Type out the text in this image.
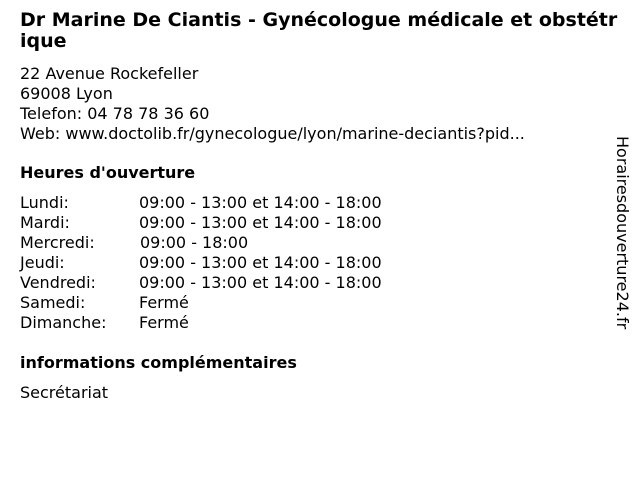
Dr Marine De Ciantis - Gynécologue médicale et obstétrique
22 Avenue Rockefeller
69008 Lyon
Telefon: 04 78 78 36 60
Web: www.doctolib.fr/gynecologue/lyon/marine-deciantis?pid...
Heures d'ouverture
Lundi:	09:00 - 13:00 et 14:00 - 18:00
Mardi:	09:00 - 13:00 et 14:00 - 18:00
Mercredi:	09:00 - 18:00
Jeudi:	09:00 - 13:00 et 14:00 - 18:00
Vendredi:	09:00 - 13:00 et 14:00 - 18:00
Samedi:	Fermé
Dimanche:	Fermé
informations complémentaires
Secrétariat
Horairesdouverture24.fr
